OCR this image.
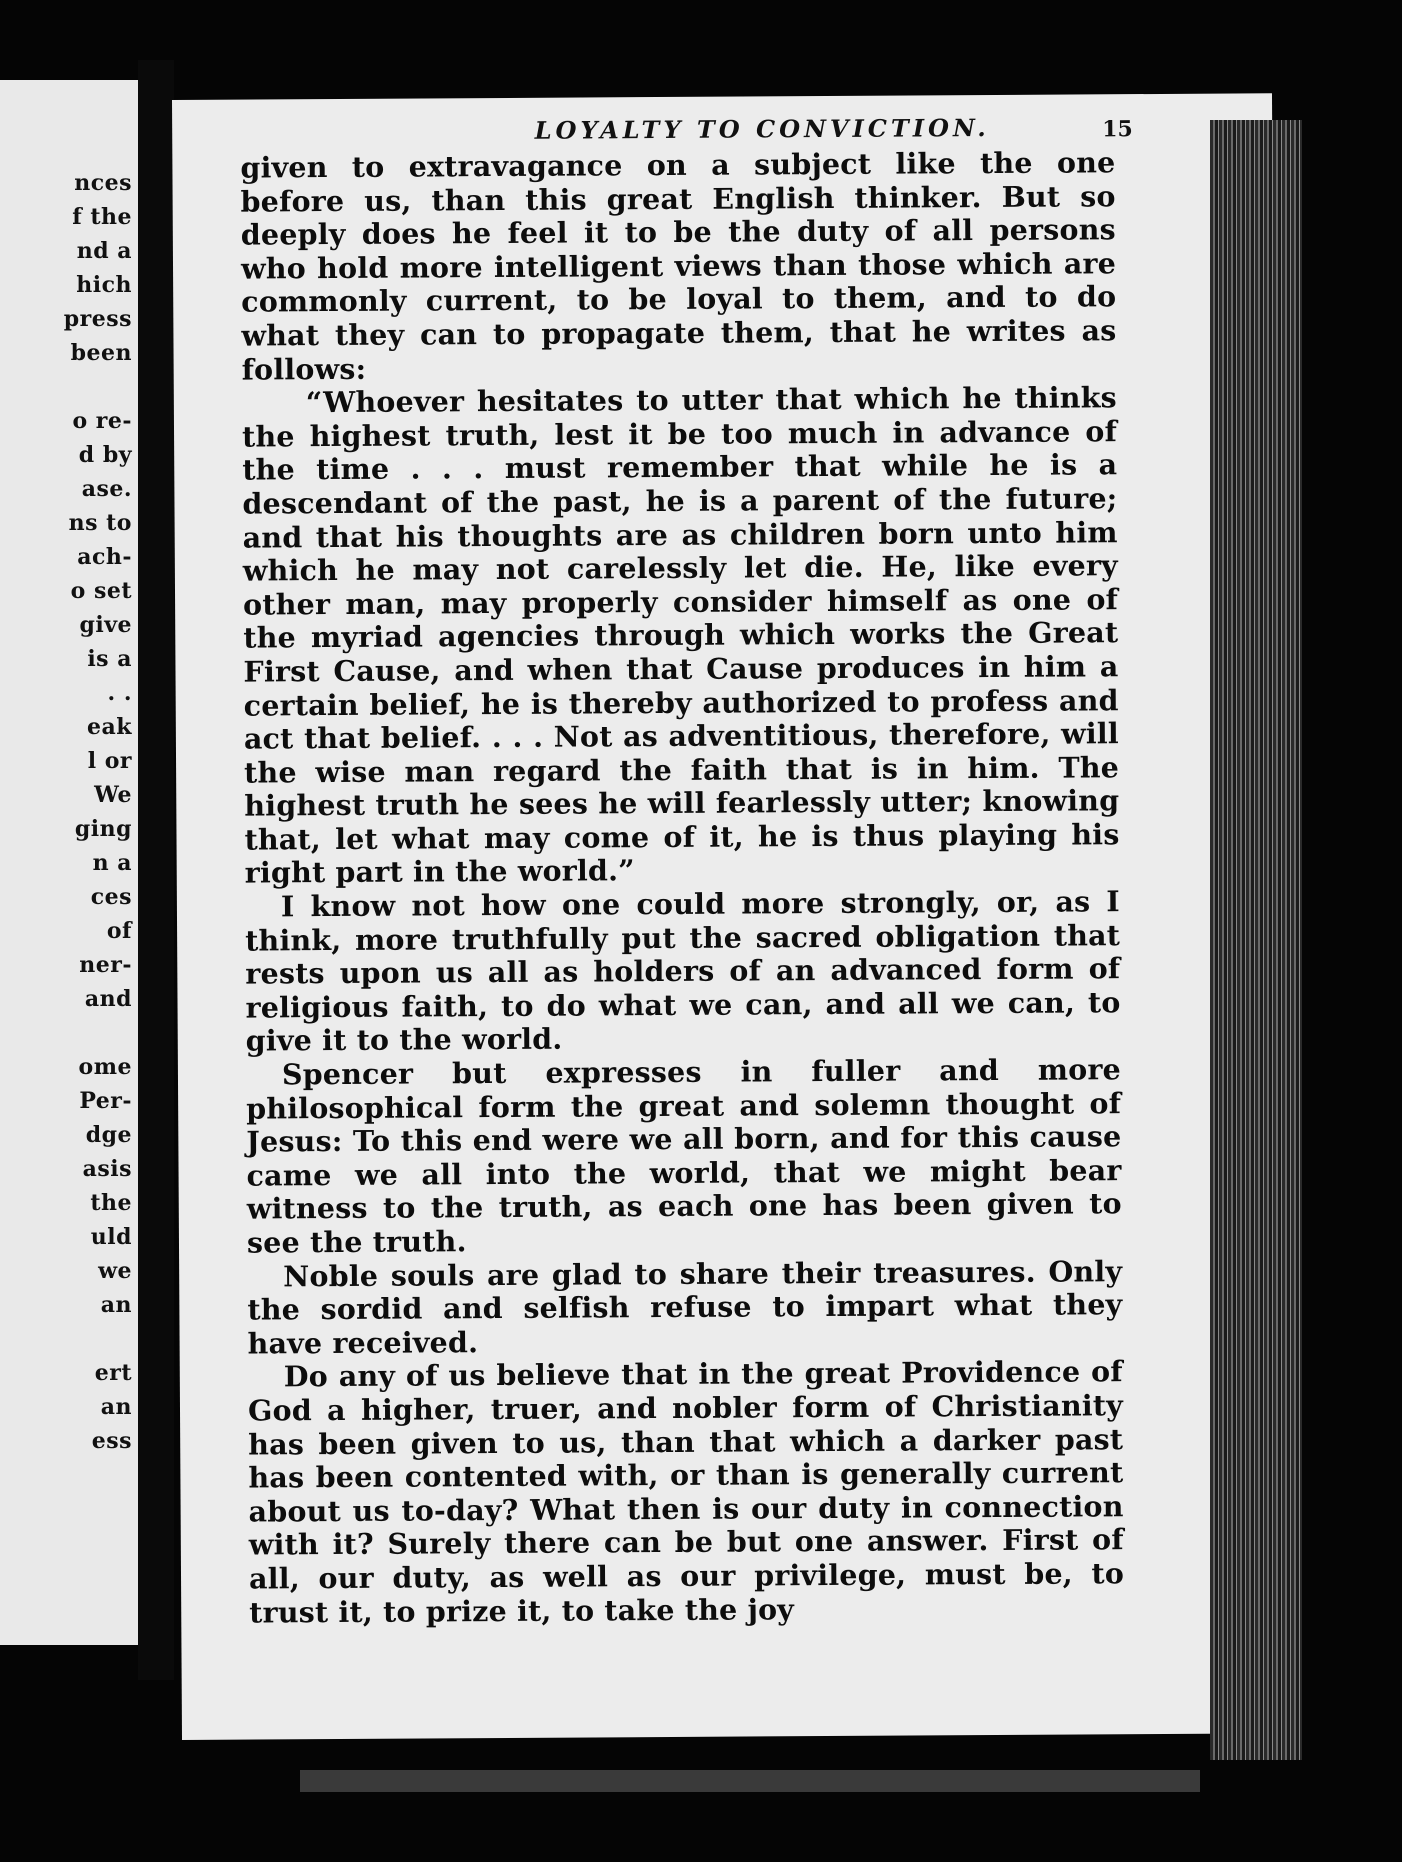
nces
f the
nd a
hich
press
been
o re-
d by
ase.
ns to
ach-
o set
give
is a
. .
eak
l or
We
ging
n a
ces
of
ner-
and
ome
Per-
dge
asis
the
uld
we
an
ert
an
ess
LOYALTY TO CONVICTION.	15

given to extravagance on a subject like the one before us, than this great English thinker. But so deeply does he feel it to be the duty of all persons who hold more intelligent views than those which are commonly current, to be loyal to them, and to do what they can to propagate them, that he writes as follows:

“Whoever hesitates to utter that which he thinks the highest truth, lest it be too much in advance of the time . . . must remember that while he is a descendant of the past, he is a parent of the future; and that his thoughts are as children born unto him which he may not carelessly let die. He, like every other man, may properly consider himself as one of the myriad agencies through which works the Great First Cause, and when that Cause produces in him a certain belief, he is thereby authorized to profess and act that belief. . . . Not as adventitious, therefore, will the wise man regard the faith that is in him. The highest truth he sees he will fearlessly utter; knowing that, let what may come of it, he is thus playing his right part in the world.”

I know not how one could more strongly, or, as I think, more truthfully put the sacred obligation that rests upon us all as holders of an advanced form of religious faith, to do what we can, and all we can, to give it to the world.

Spencer but expresses in fuller and more philosophical form the great and solemn thought of Jesus: To this end were we all born, and for this cause came we all into the world, that we might bear witness to the truth, as each one has been given to see the truth.

Noble souls are glad to share their treasures. Only the sordid and selfish refuse to impart what they have received.

Do any of us believe that in the great Providence of God a higher, truer, and nobler form of Christianity has been given to us, than that which a darker past has been contented with, or than is generally current about us to-day? What then is our duty in connection with it? Surely there can be but one answer. First of all, our duty, as well as our privilege, must be, to trust it, to prize it, to take the joy
